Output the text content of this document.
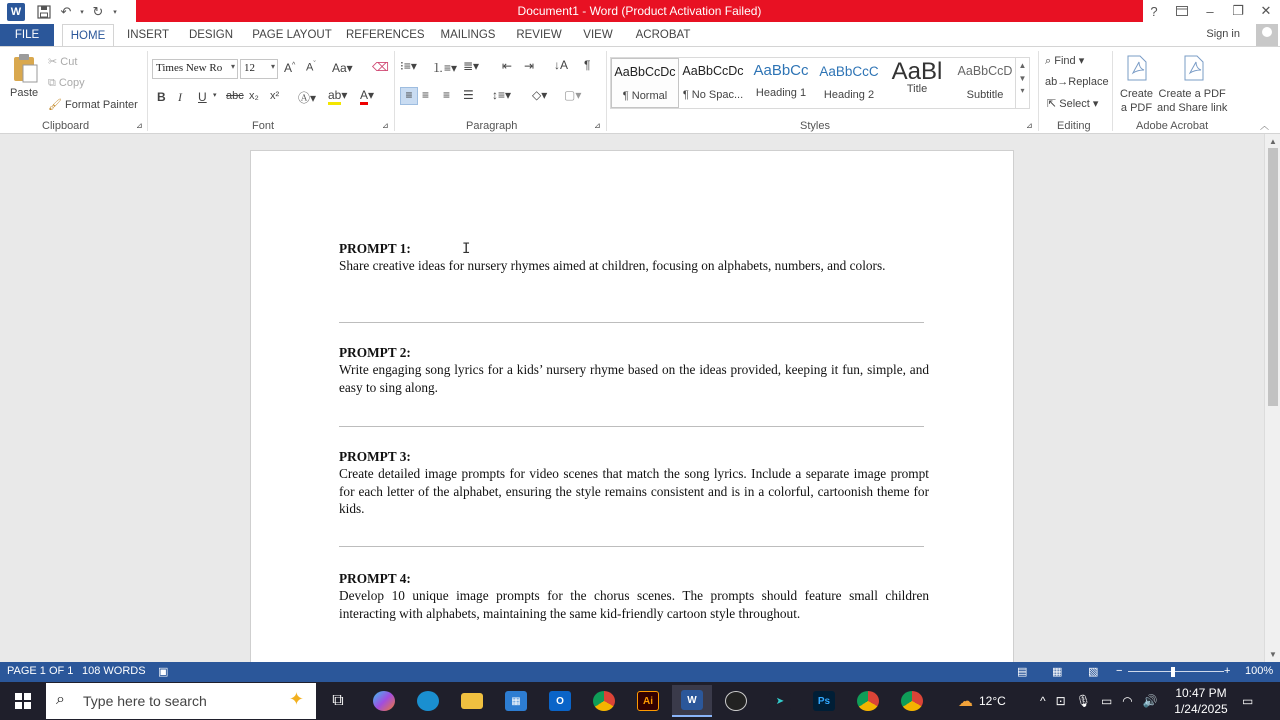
W	↶	▾ ↻	▾	Document1 - Word (Product Activation Failed)	?	–	❐	✕
FILE	HOME	INSERT	DESIGN	PAGE LAYOUT REFERENCES	MAILINGS	REVIEW	VIEW	ACROBAT	Sign in
Paste
✂ Cut
⧉ Copy
🖌 Format Painter
Clipboard	⊿
Times New Ro ▾ 12 ▾ A^ $A^ˇ$ Aa▾ ⌫
B I U ▾ abc x₂ x² Ⓐ▾ ab▾ A▾
Font	⊿
⁝≡▾ ⒈≡▾ ≣▾ ⇤ ⇥ ↓A ¶
≡ ≡ ≡ ☰ ↕≡▾ ◇▾ ▢▾
Paragraph	⊿
AaBbCcDc
¶ Normal
AaBbCcDc
¶ No Spac...
AaBbCc
Heading 1
AaBbCcC
Heading 2
AaBl
Title
AaBbCcD
Subtitle
▲
▼
▾
Styles	⊿
⌕ Find ▾
ab→Replace
⇱ Select ▾
Editing
Create
a PDF
Create a PDF
and Share link
Adobe Acrobat	︿
PROMPT 1:
Share creative ideas for nursery rhymes aimed at children, focusing on alphabets, numbers, and colors.
PROMPT 2:
Write engaging song lyrics for a kids’ nursery rhyme based on the ideas provided, keeping it fun, simple, and easy to sing along.
PROMPT 3:
Create detailed image prompts for video scenes that match the song lyrics. Include a separate image prompt for each letter of the alphabet, ensuring the style remains consistent and is in a colorful, cartoonish theme for kids.
PROMPT 4:
Develop 10 unique image prompts for the chorus scenes. The prompts should feature small children interacting with alphabets, maintaining the same kid-friendly cartoon style throughout.
I
▲
▼
PAGE 1 OF 1 108 WORDS ▣	▤ ▦ ▧ −	+ 100%
⌕ Type here to search	✦	⧉	▦	O	Ai	W	➤	Ps	☁ 12°C	^ ⊡ 🎙 ▭ ◠ 🔊
10:47 PM
1/24/2025
▭
